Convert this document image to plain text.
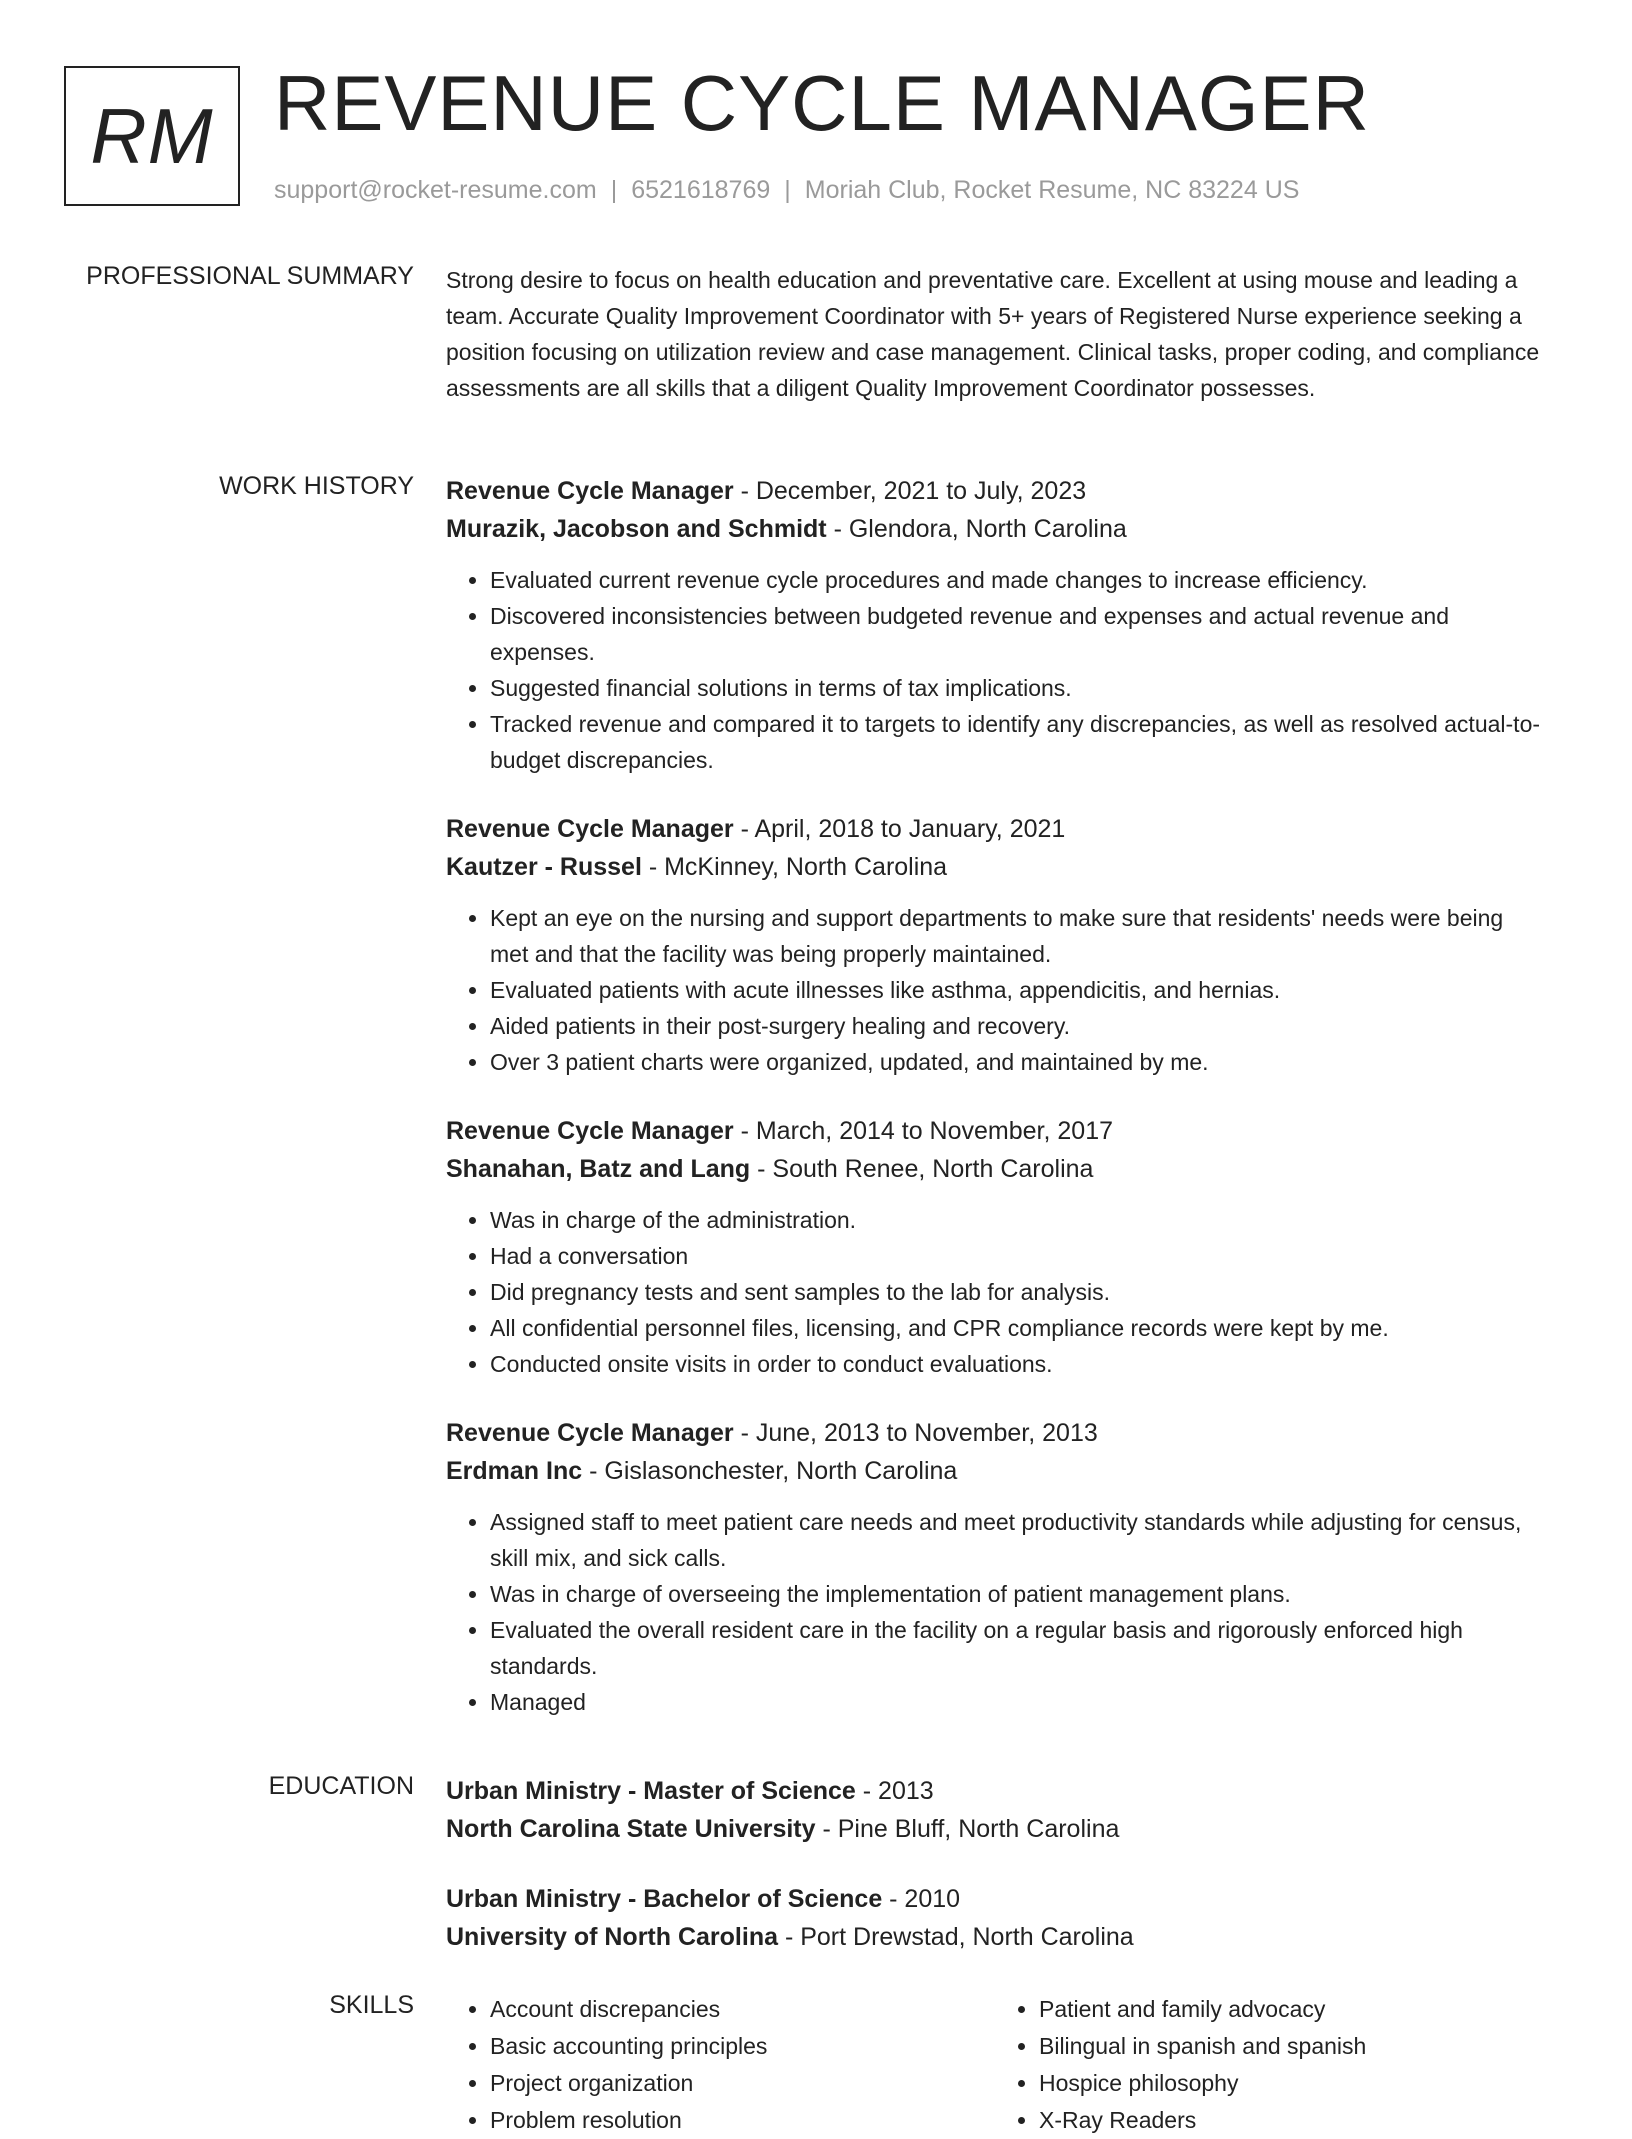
RM REVENUE CYCLE MANAGER
support@rocket-resume.com | 6521618769 | Moriah Club, Rocket Resume, NC 83224 US
PROFESSIONAL SUMMARY Strong desire to focus on health education and preventative care. Excellent at using mouse and leading a team. Accurate Quality Improvement Coordinator with 5+ years of Registered Nurse experience seeking a position focusing on utilization review and case management. Clinical tasks, proper coding, and compliance assessments are all skills that a diligent Quality Improvement Coordinator possesses.

WORK HISTORY Revenue Cycle Manager - December, 2021 to July, 2023

Murazik, Jacobson and Schmidt - Glendora, North Carolina

• Evaluated current revenue cycle procedures and made changes to increase efficiency.
• Discovered inconsistencies between budgeted revenue and expenses and actual revenue and expenses.
• Suggested financial solutions in terms of tax implications.
• Tracked revenue and compared it to targets to identify any discrepancies, as well as resolved actual-to-budget discrepancies.

Revenue Cycle Manager - April, 2018 to January, 2021

Kautzer - Russel - McKinney, North Carolina

• Kept an eye on the nursing and support departments to make sure that residents' needs were being met and that the facility was being properly maintained.
• Evaluated patients with acute illnesses like asthma, appendicitis, and hernias.
• Aided patients in their post-surgery healing and recovery.
• Over 3 patient charts were organized, updated, and maintained by me.

Revenue Cycle Manager - March, 2014 to November, 2017

Shanahan, Batz and Lang - South Renee, North Carolina

• Was in charge of the administration.
• Had a conversation
• Did pregnancy tests and sent samples to the lab for analysis.
• All confidential personnel files, licensing, and CPR compliance records were kept by me.
• Conducted onsite visits in order to conduct evaluations.

Revenue Cycle Manager - June, 2013 to November, 2013

Erdman Inc - Gislasonchester, North Carolina

• Assigned staff to meet patient care needs and meet productivity standards while adjusting for census, skill mix, and sick calls.
• Was in charge of overseeing the implementation of patient management plans.
• Evaluated the overall resident care in the facility on a regular basis and rigorously enforced high standards.
• Managed
EDUCATION Urban Ministry - Master of Science - 2013

North Carolina State University - Pine Bluff, North Carolina

Urban Ministry - Bachelor of Science - 2010

University of North Carolina - Port Drewstad, North Carolina

SKILLS
•	Account discrepancies
• Basic accounting principles
• Project organization
• Problem resolution
• Patient and family advocacy
• Bilingual in spanish and spanish
• Hospice philosophy
• X-Ray Readers
